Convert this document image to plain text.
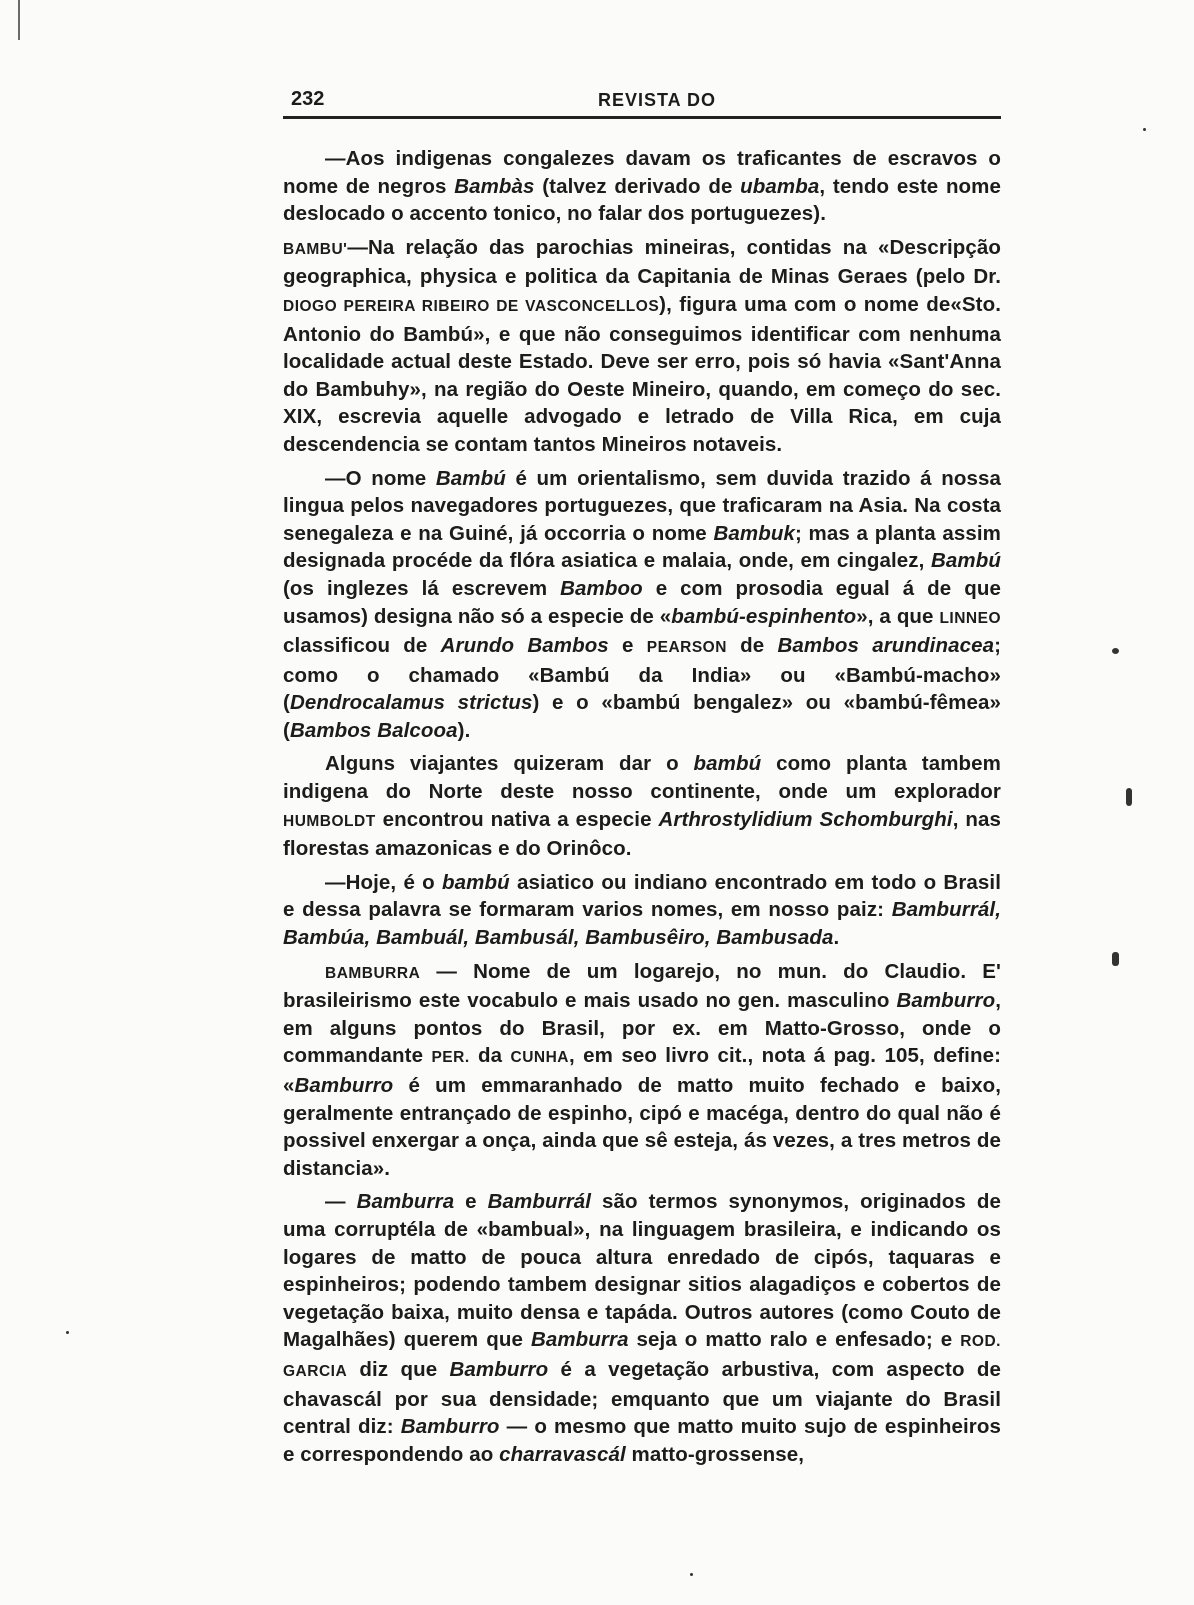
232	REVISTA DO

—Aos indigenas congalezes davam os traficantes de escravos o nome de negros Bambàs (talvez derivado de ubamba, tendo este nome deslocado o accento tonico, no falar dos portuguezes).

BAMBU'—Na relação das parochias mineiras, contidas na «Descripção geographica, physica e politica da Capitania de Minas Geraes (pelo Dr. DIOGO PEREIRA RIBEIRO DE VASCONCELLOS), figura uma com o nome de«Sto. Antonio do Bambú», e que não conseguimos identificar com nenhuma localidade actual deste Estado. Deve ser erro, pois só havia «Sant'Anna do Bambuhy», na região do Oeste Mineiro, quando, em começo do sec. XIX, escrevia aquelle advogado e letrado de Villa Rica, em cuja descendencia se contam tantos Mineiros notaveis.

—O nome Bambú é um orientalismo, sem duvida trazido á nossa lingua pelos navegadores portuguezes, que traficaram na Asia. Na costa senegaleza e na Guiné, já occorria o nome Bambuk; mas a planta assim designada procéde da flóra asiatica e malaia, onde, em cingalez, Bambú (os inglezes lá escrevem Bamboo e com prosodia egual á de que usamos) designa não só a especie de «bambú-espinhento», a que LINNEO classificou de Arundo Bambos e PEARSON de Bambos arundinacea; como o chamado «Bambú da India» ou «Bambú-macho» (Dendrocalamus strictus) e o «bambú bengalez» ou «bambú-fêmea» (Bambos Balcooa).

Alguns viajantes quizeram dar o bambú como planta tambem indigena do Norte deste nosso continente, onde um explorador HUMBOLDT encontrou nativa a especie Arthrostylidium Schomburghi, nas florestas amazonicas e do Orinôco.

—Hoje, é o bambú asiatico ou indiano encontrado em todo o Brasil e dessa palavra se formaram varios nomes, em nosso paiz: Bamburrál, Bambúa, Bambuál, Bambusál, Bambusêiro, Bambusada.

BAMBURRA — Nome de um logarejo, no mun. do Claudio. E' brasileirismo este vocabulo e mais usado no gen. masculino Bamburro, em alguns pontos do Brasil, por ex. em Matto-Grosso, onde o commandante PER. da CUNHA, em seo livro cit., nota á pag. 105, define: «Bamburro é um emmaranhado de matto muito fechado e baixo, geralmente entrançado de espinho, cipó e macéga, dentro do qual não é possivel enxergar a onça, ainda que sê esteja, ás vezes, a tres metros de distancia».

— Bamburra e Bamburrál são termos synonymos, originados de uma corruptéla de «bambual», na linguagem brasileira, e indicando os logares de matto de pouca altura enredado de cipós, taquaras e espinheiros; podendo tambem designar sitios alagadiços e cobertos de vegetação baixa, muito densa e tapáda. Outros autores (como Couto de Magalhães) querem que Bamburra seja o matto ralo e enfesado; e ROD. GARCIA diz que Bamburro é a vegetação arbustiva, com aspecto de chavascál por sua densidade; emquanto que um viajante do Brasil central diz: Bamburro — o mesmo que matto muito sujo de espinheiros e correspondendo ao charravascál matto-grossense,
